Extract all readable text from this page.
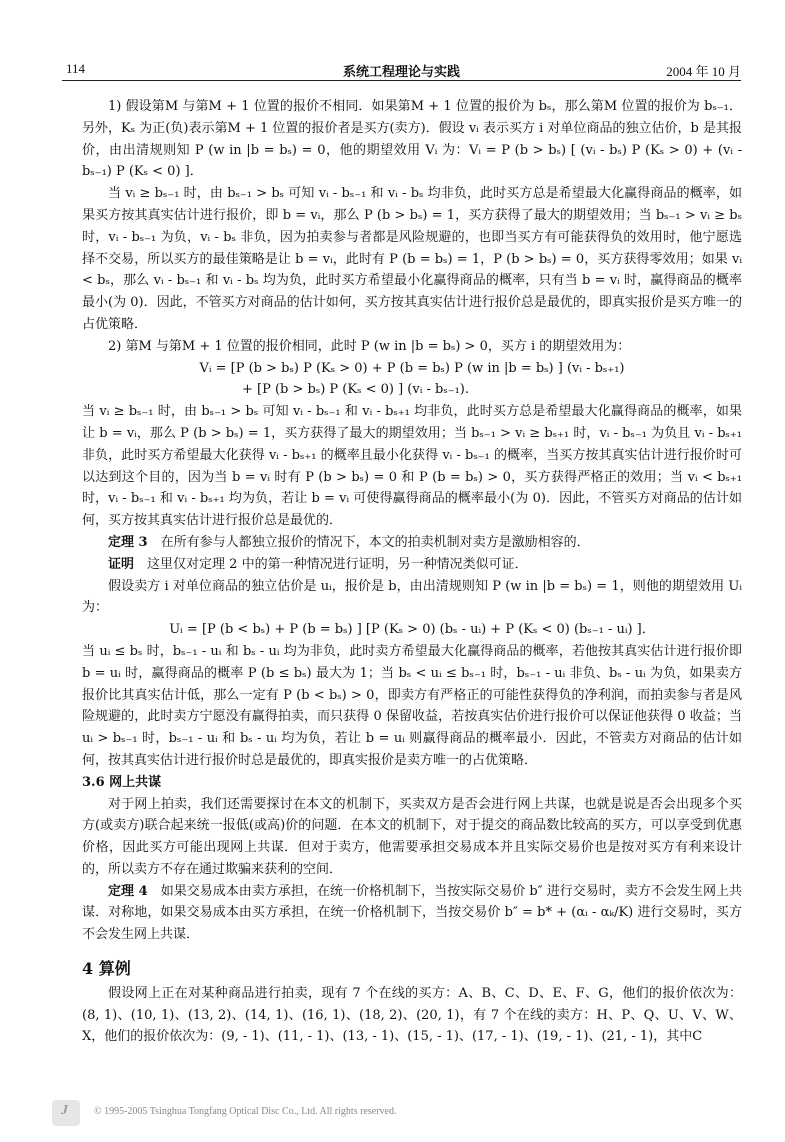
114	系统工程理论与实践	2004 年 10 月

1) 假设第M 与第M + 1 位置的报价不相同．如果第M + 1 位置的报价为 bₛ，那么第M 位置的报价为 bₛ₋₁．另外，Kₛ 为正(负)表示第M + 1 位置的报价者是买方(卖方)．假设 vᵢ 表示买方 i 对单位商品的独立估价，b 是其报价，由出清规则知 P (w in |b = bₛ) = 0，他的期望效用 Vᵢ 为：Vᵢ = P (b > bₛ) [ (vᵢ - bₛ) P (Kₛ > 0) + (vᵢ - bₛ₋₁) P (Kₛ < 0) ]．

当 vᵢ ≥ bₛ₋₁ 时，由 bₛ₋₁ > bₛ 可知 vᵢ - bₛ₋₁ 和 vᵢ - bₛ 均非负，此时买方总是希望最大化赢得商品的概率，如果买方按其真实估计进行报价，即 b = vᵢ，那么 P (b > bₛ) = 1，买方获得了最大的期望效用；当 bₛ₋₁ > vᵢ ≥ bₛ 时，vᵢ - bₛ₋₁ 为负，vᵢ - bₛ 非负，因为拍卖参与者都是风险规避的，也即当买方有可能获得负的效用时，他宁愿选择不交易，所以买方的最佳策略是让 b = vᵢ，此时有 P (b = bₛ) = 1，P (b > bₛ) = 0，买方获得零效用；如果 vᵢ < bₛ，那么 vᵢ - bₛ₋₁ 和 vᵢ - bₛ 均为负，此时买方希望最小化赢得商品的概率，只有当 b = vᵢ 时，赢得商品的概率最小(为 0)．因此，不管买方对商品的估计如何，买方按其真实估计进行报价总是最优的，即真实报价是买方唯一的占优策略．

2) 第M 与第M + 1 位置的报价相同，此时 P (w in |b = bₛ) > 0，买方 i 的期望效用为：

Vᵢ = [P (b > bₛ) P (Kₛ > 0) + P (b = bₛ) P (w in |b = bₛ) ] (vᵢ - bₛ₊₁)

+ [P (b > bₛ) P (Kₛ < 0) ] (vᵢ - bₛ₋₁).

当 vᵢ ≥ bₛ₋₁ 时，由 bₛ₋₁ > bₛ 可知 vᵢ - bₛ₋₁ 和 vᵢ - bₛ₊₁ 均非负，此时买方总是希望最大化赢得商品的概率，如果让 b = vᵢ，那么 P (b > bₛ) = 1，买方获得了最大的期望效用；当 bₛ₋₁ > vᵢ ≥ bₛ₊₁ 时，vᵢ - bₛ₋₁ 为负且 vᵢ - bₛ₊₁ 非负，此时买方希望最大化获得 vᵢ - bₛ₊₁ 的概率且最小化获得 vᵢ - bₛ₋₁ 的概率，当买方按其真实估计进行报价时可以达到这个目的，因为当 b = vᵢ 时有 P (b > bₛ) = 0 和 P (b = bₛ) > 0，买方获得严格正的效用；当 vᵢ < bₛ₊₁ 时，vᵢ - bₛ₋₁ 和 vᵢ - bₛ₊₁ 均为负，若让 b = vᵢ 可使得赢得商品的概率最小(为 0)．因此，不管买方对商品的估计如何，买方按其真实估计进行报价总是最优的．

定理 3　 在所有参与人都独立报价的情况下，本文的拍卖机制对卖方是激励相容的．

证明　 这里仅对定理 2 中的第一种情况进行证明，另一种情况类似可证．

假设卖方 i 对单位商品的独立估价是 uᵢ，报价是 b，由出清规则知 P (w in |b = bₛ) = 1，则他的期望效用 Uᵢ 为：

Uᵢ = [P (b < bₛ) + P (b = bₛ) ] [P (Kₛ > 0) (bₛ - uᵢ) + P (Kₛ < 0) (bₛ₋₁ - uᵢ) ]．

当 uᵢ ≤ bₛ 时，bₛ₋₁ - uᵢ 和 bₛ - uᵢ 均为非负，此时卖方希望最大化赢得商品的概率，若他按其真实估计进行报价即 b = uᵢ 时，赢得商品的概率 P (b ≤ bₛ) 最大为 1；当 bₛ < uᵢ ≤ bₛ₋₁ 时，bₛ₋₁ - uᵢ 非负、bₛ - uᵢ 为负，如果卖方报价比其真实估计低，那么一定有 P (b < bₛ) > 0，即卖方有严格正的可能性获得负的净利润，而拍卖参与者是风险规避的，此时卖方宁愿没有赢得拍卖，而只获得 0 保留收益，若按真实估价进行报价可以保证他获得 0 收益；当 uᵢ > bₛ₋₁ 时，bₛ₋₁ - uᵢ 和 bₛ - uᵢ 均为负，若让 b = uᵢ 则赢得商品的概率最小．因此，不管卖方对商品的估计如何，按其真实估计进行报价时总是最优的，即真实报价是卖方唯一的占优策略．

3.6 网上共谋

对于网上拍卖，我们还需要探讨在本文的机制下，买卖双方是否会进行网上共谋，也就是说是否会出现多个买方(或卖方)联合起来统一报低(或高)价的问题．在本文的机制下，对于提交的商品数比较高的买方，可以享受到优惠价格，因此买方可能出现网上共谋．但对于卖方，他需要承担交易成本并且实际交易价也是按对买方有利来设计的，所以卖方不存在通过欺骗来获利的空间．

定理 4　 如果交易成本由卖方承担，在统一价格机制下，当按实际交易价 b″ 进行交易时，卖方不会发生网上共谋．对称地，如果交易成本由买方承担，在统一价格机制下，当按交易价 b″ = b* + (αᵢ - αₖ/K) 进行交易时，买方不会发生网上共谋．

4 算例

假设网上正在对某种商品进行拍卖，现有 7 个在线的买方：A、B、C、D、E、F、G，他们的报价依次为：(8, 1)、(10, 1)、(13, 2)、(14, 1)、(16, 1)、(18, 2)、(20, 1)，有 7 个在线的卖方：H、P、Q、U、V、W、X，他们的报价依次为：(9, - 1)、(11, - 1)、(13, - 1)、(15, - 1)、(17, - 1)、(19, - 1)、(21, - 1)，其中C

J	© 1995-2005 Tsinghua Tongfang Optical Disc Co., Ltd. All rights reserved.
